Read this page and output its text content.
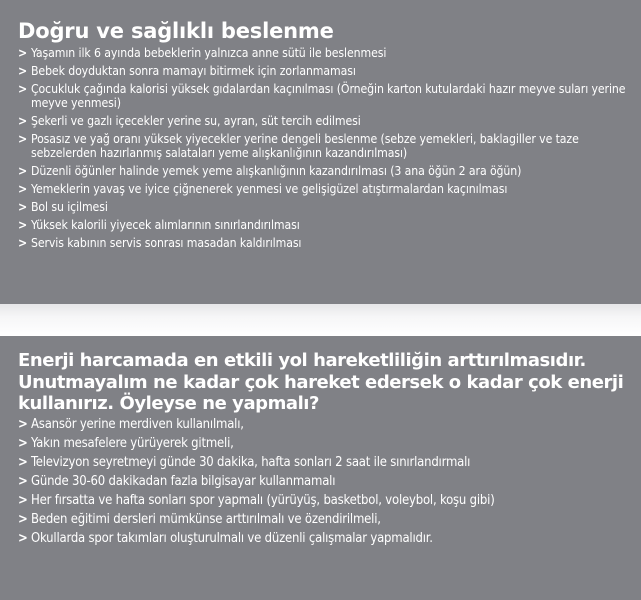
Doğru ve sağlıklı beslenme
> Yaşamın ilk 6 ayında bebeklerin yalnızca anne sütü ile beslenmesi
> Bebek doyduktan sonra mamayı bitirmek için zorlanmaması
> Çocukluk çağında kalorisi yüksek gıdalardan kaçınılması (Örneğin karton kutulardaki hazır meyve suları yerine meyve yenmesi)
> Şekerli ve gazlı içecekler yerine su, ayran, süt tercih edilmesi
> Posasız ve yağ oranı yüksek yiyecekler yerine dengeli beslenme (sebze yemekleri, baklagiller ve taze sebzelerden hazırlanmış salataları yeme alışkanlığının kazandırılması)
> Düzenli öğünler halinde yemek yeme alışkanlığının kazandırılması (3 ana öğün 2 ara öğün)
> Yemeklerin yavaş ve iyice çiğnenerek yenmesi ve gelişigüzel atıştırmalardan kaçınılması
> Bol su içilmesi
> Yüksek kalorili yiyecek alımlarının sınırlandırılması
> Servis kabının servis sonrası masadan kaldırılması
Enerji harcamada en etkili yol hareketliliğin arttırılmasıdır. Unutmayalım ne kadar çok hareket edersek o kadar çok enerji kullanırız. Öyleyse ne yapmalı?
> Asansör yerine merdiven kullanılmalı,
> Yakın mesafelere yürüyerek gitmeli,
> Televizyon seyretmeyi günde 30 dakika, hafta sonları 2 saat ile sınırlandırmalı
> Günde 30-60 dakikadan fazla bilgisayar kullanmamalı
> Her fırsatta ve hafta sonları spor yapmalı (yürüyüş, basketbol, voleybol, koşu gibi)
> Beden eğitimi dersleri mümkünse arttırılmalı ve özendirilmeli,
> Okullarda spor takımları oluşturulmalı ve düzenli çalışmalar yapmalıdır.
